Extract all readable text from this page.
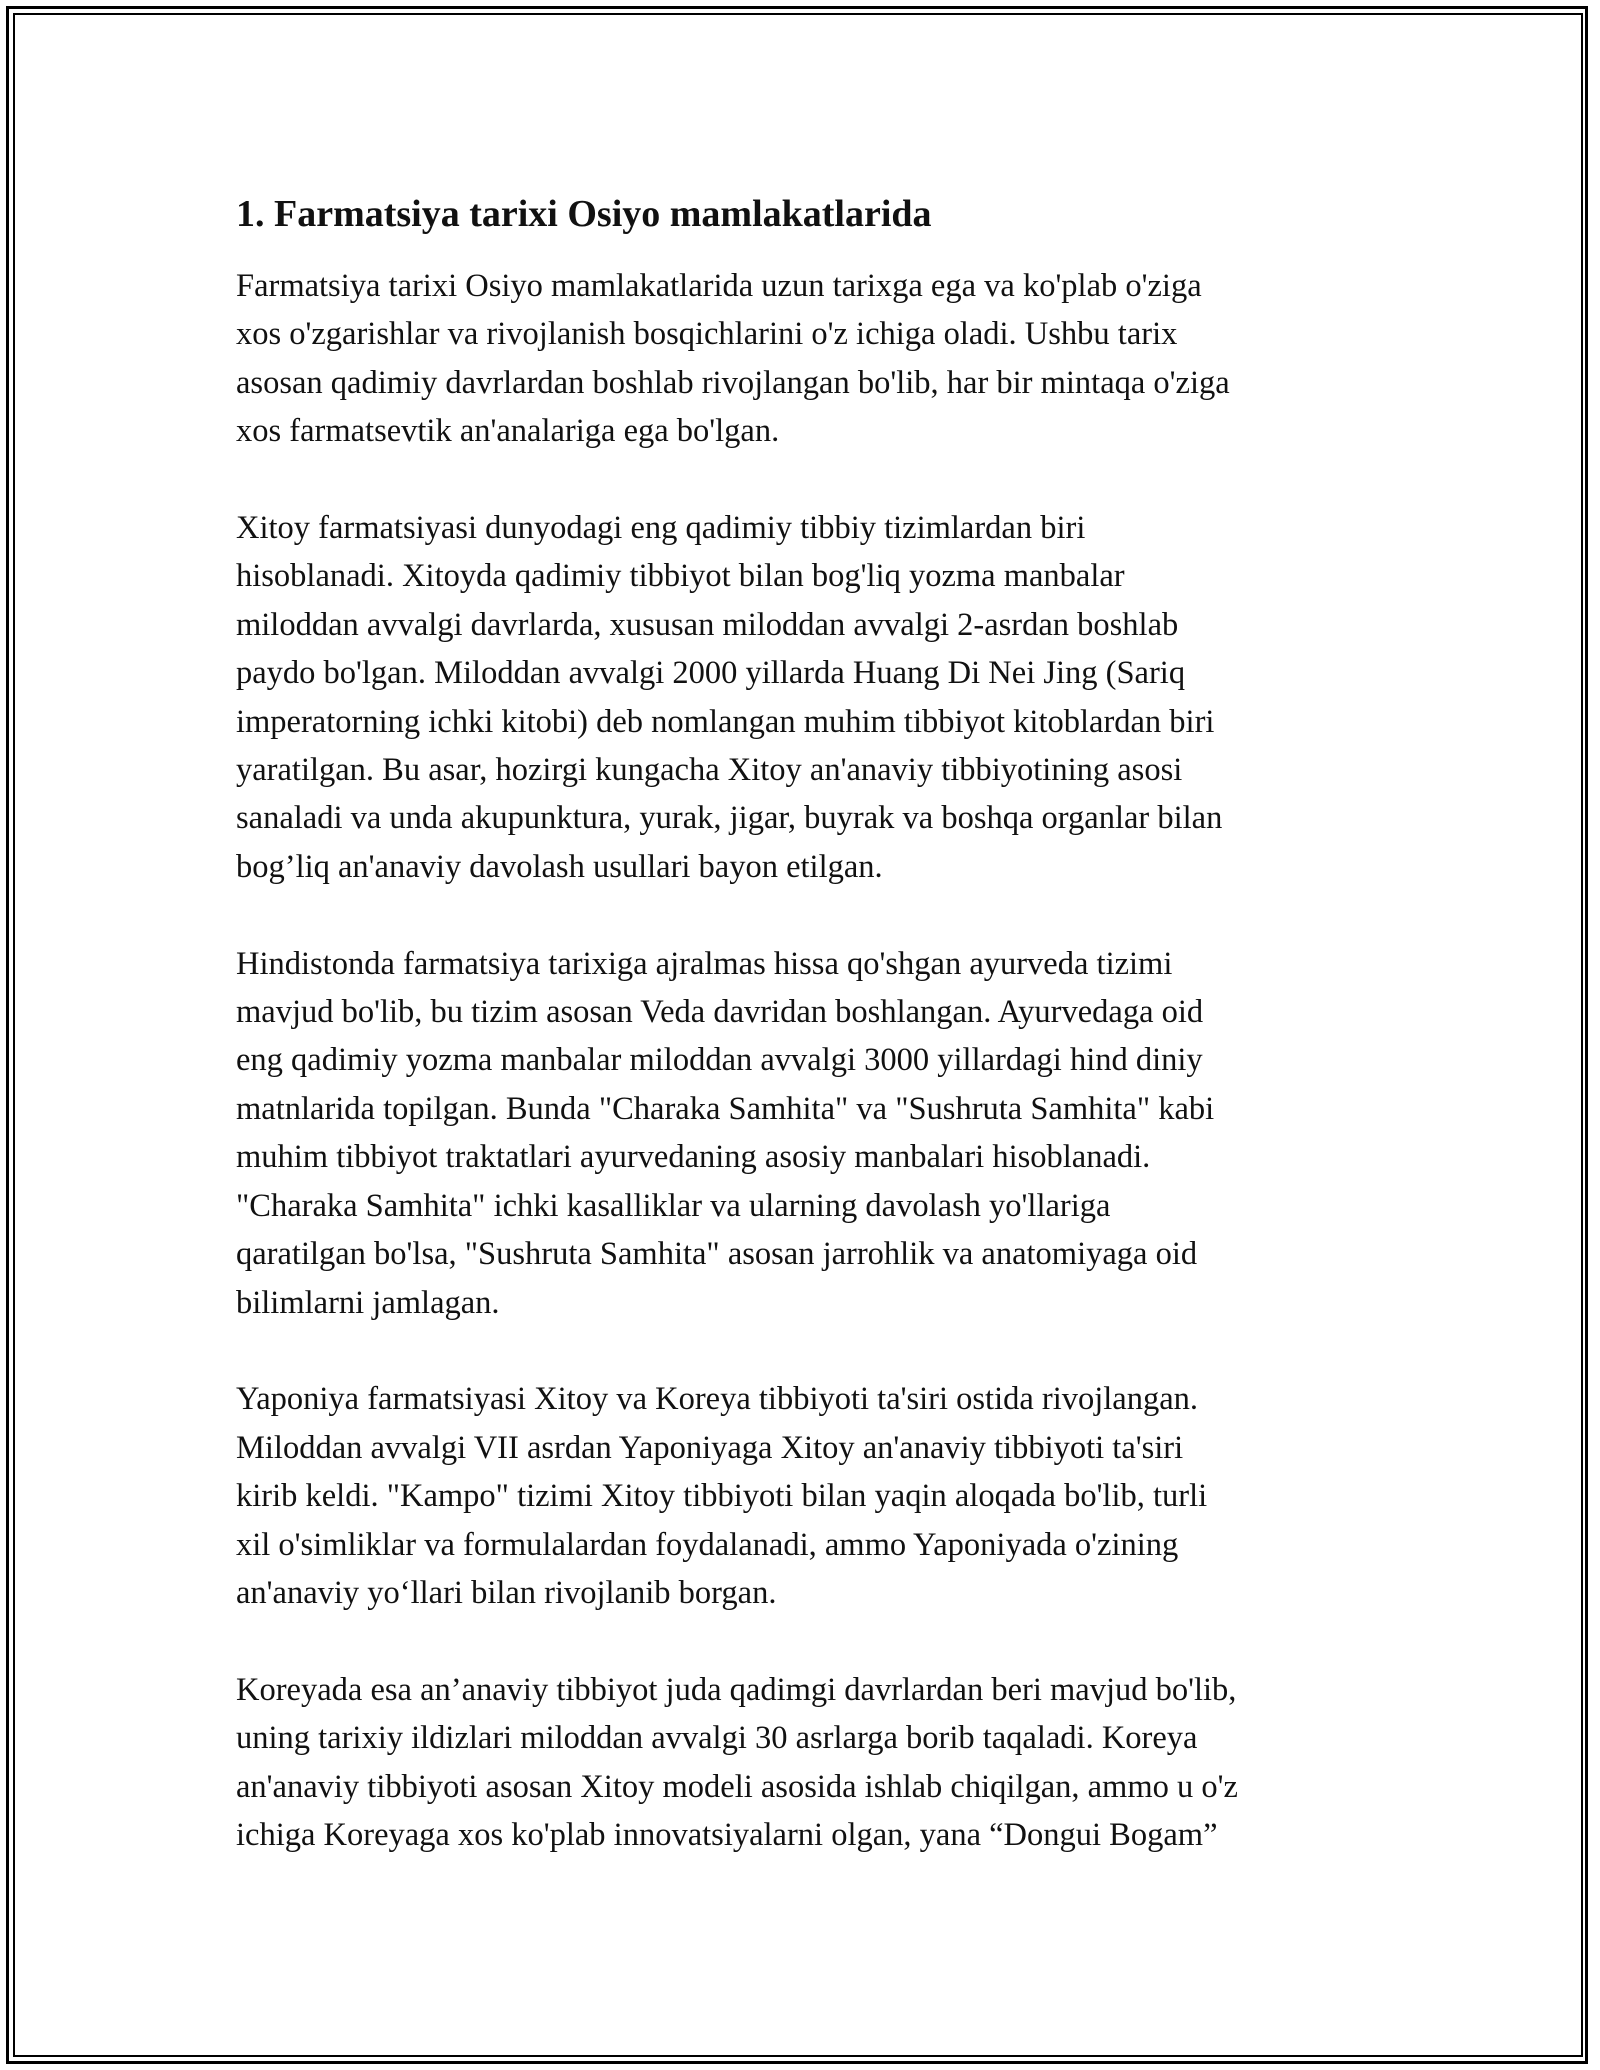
1. Farmatsiya tarixi Osiyo mamlakatlarida

Farmatsiya tarixi Osiyo mamlakatlarida uzun tarixga ega va ko'plab o'ziga
xos o'zgarishlar va rivojlanish bosqichlarini o'z ichiga oladi. Ushbu tarix
asosan qadimiy davrlardan boshlab rivojlangan bo'lib, har bir mintaqa o'ziga
xos farmatsevtik an'analariga ega bo'lgan.

Xitoy farmatsiyasi dunyodagi eng qadimiy tibbiy tizimlardan biri
hisoblanadi. Xitoyda qadimiy tibbiyot bilan bog'liq yozma manbalar
miloddan avvalgi davrlarda, xususan miloddan avvalgi 2-asrdan boshlab
paydo bo'lgan. Miloddan avvalgi 2000 yillarda Huang Di Nei Jing (Sariq
imperatorning ichki kitobi) deb nomlangan muhim tibbiyot kitoblardan biri
yaratilgan. Bu asar, hozirgi kungacha Xitoy an'anaviy tibbiyotining asosi
sanaladi va unda akupunktura, yurak, jigar, buyrak va boshqa organlar bilan
bog’liq an'anaviy davolash usullari bayon etilgan.

Hindistonda farmatsiya tarixiga ajralmas hissa qo'shgan ayurveda tizimi
mavjud bo'lib, bu tizim asosan Veda davridan boshlangan. Ayurvedaga oid
eng qadimiy yozma manbalar miloddan avvalgi 3000 yillardagi hind diniy
matnlarida topilgan. Bunda "Charaka Samhita" va "Sushruta Samhita" kabi
muhim tibbiyot traktatlari ayurvedaning asosiy manbalari hisoblanadi.
"Charaka Samhita" ichki kasalliklar va ularning davolash yo'llariga
qaratilgan bo'lsa, "Sushruta Samhita" asosan jarrohlik va anatomiyaga oid
bilimlarni jamlagan.

Yaponiya farmatsiyasi Xitoy va Koreya tibbiyoti ta'siri ostida rivojlangan.
Miloddan avvalgi VII asrdan Yaponiyaga Xitoy an'anaviy tibbiyoti ta'siri
kirib keldi. "Kampo" tizimi Xitoy tibbiyoti bilan yaqin aloqada bo'lib, turli
xil o'simliklar va formulalardan foydalanadi, ammo Yaponiyada o'zining
an'anaviy yo‘llari bilan rivojlanib borgan.

Koreyada esa an’anaviy tibbiyot juda qadimgi davrlardan beri mavjud bo'lib,
uning tarixiy ildizlari miloddan avvalgi 30 asrlarga borib taqaladi. Koreya
an'anaviy tibbiyoti asosan Xitoy modeli asosida ishlab chiqilgan, ammo u o'z
ichiga Koreyaga xos ko'plab innovatsiyalarni olgan, yana “Dongui Bogam”
